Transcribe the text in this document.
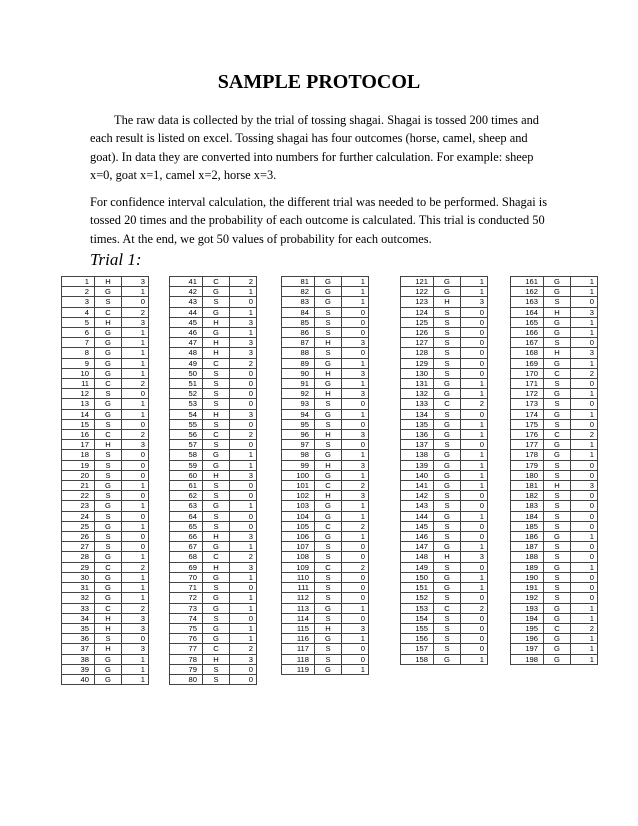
SAMPLE PROTOCOL
The raw data is collected by the trial of tossing shagai. Shagai is tossed 200 times and
each result is listed on excel. Tossing shagai has four outcomes (horse, camel, sheep and
goat). In data they are converted into numbers for further calculation. For example: sheep
x=0, goat x=1, camel x=2, horse x=3.
For confidence interval calculation, the different trial was needed to be performed. Shagai is
tossed 20 times and the probability of each outcome is calculated. This trial is conducted 50
times. At the end, we got 50 values of probability for each outcomes.
Trial 1:
1	H	3
2	G	1
3	S	0
4	C	2
5	H	3
6	G	1
7	G	1
8	G	1
9	G	1
10	G	1
11	C	2
12	S	0
13	G	1
14	G	1
15	S	0
16	C	2
17	H	3
18	S	0
19	S	0
20	S	0
21	G	1
22	S	0
23	G	1
24	S	0
25	G	1
26	S	0
27	S	0
28	G	1
29	C	2
30	G	1
31	G	1
32	G	1
33	C	2
34	H	3
35	H	3
36	S	0
37	H	3
38	G	1
39	G	1
40	G	1
41	C	2
42	G	1
43	S	0
44	G	1
45	H	3
46	G	1
47	H	3
48	H	3
49	C	2
50	S	0
51	S	0
52	S	0
53	S	0
54	H	3
55	S	0
56	C	2
57	S	0
58	G	1
59	G	1
60	H	3
61	S	0
62	S	0
63	G	1
64	S	0
65	S	0
66	H	3
67	G	1
68	C	2
69	H	3
70	G	1
71	S	0
72	G	1
73	G	1
74	S	0
75	G	1
76	G	1
77	C	2
78	H	3
79	S	0
80	S	0
81	G	1
82	G	1
83	G	1
84	S	0
85	S	0
86	S	0
87	H	3
88	S	0
89	G	1
90	H	3
91	G	1
92	H	3
93	S	0
94	G	1
95	S	0
96	H	3
97	S	0
98	G	1
99	H	3
100	G	1
101	C	2
102	H	3
103	G	1
104	G	1
105	C	2
106	G	1
107	S	0
108	S	0
109	C	2
110	S	0
111	S	0
112	S	0
113	G	1
114	S	0
115	H	3
116	G	1
117	S	0
118	S	0
119	G	1
121	G	1
122	G	1
123	H	3
124	S	0
125	S	0
126	S	0
127	S	0
128	S	0
129	S	0
130	S	0
131	G	1
132	G	1
133	C	2
134	S	0
135	G	1
136	G	1
137	S	0
138	G	1
139	G	1
140	G	1
141	G	1
142	S	0
143	S	0
144	G	1
145	S	0
146	S	0
147	G	1
148	H	3
149	S	0
150	G	1
151	G	1
152	S	0
153	C	2
154	S	0
155	S	0
156	S	0
157	S	0
158	G	1
161	G	1
162	G	1
163	S	0
164	H	3
165	G	1
166	G	1
167	S	0
168	H	3
169	G	1
170	C	2
171	S	0
172	G	1
173	S	0
174	G	1
175	S	0
176	C	2
177	G	1
178	G	1
179	S	0
180	S	0
181	H	3
182	S	0
183	S	0
184	S	0
185	S	0
186	G	1
187	S	0
188	S	0
189	G	1
190	S	0
191	S	0
192	S	0
193	G	1
194	G	1
195	C	2
196	G	1
197	G	1
198	G	1
